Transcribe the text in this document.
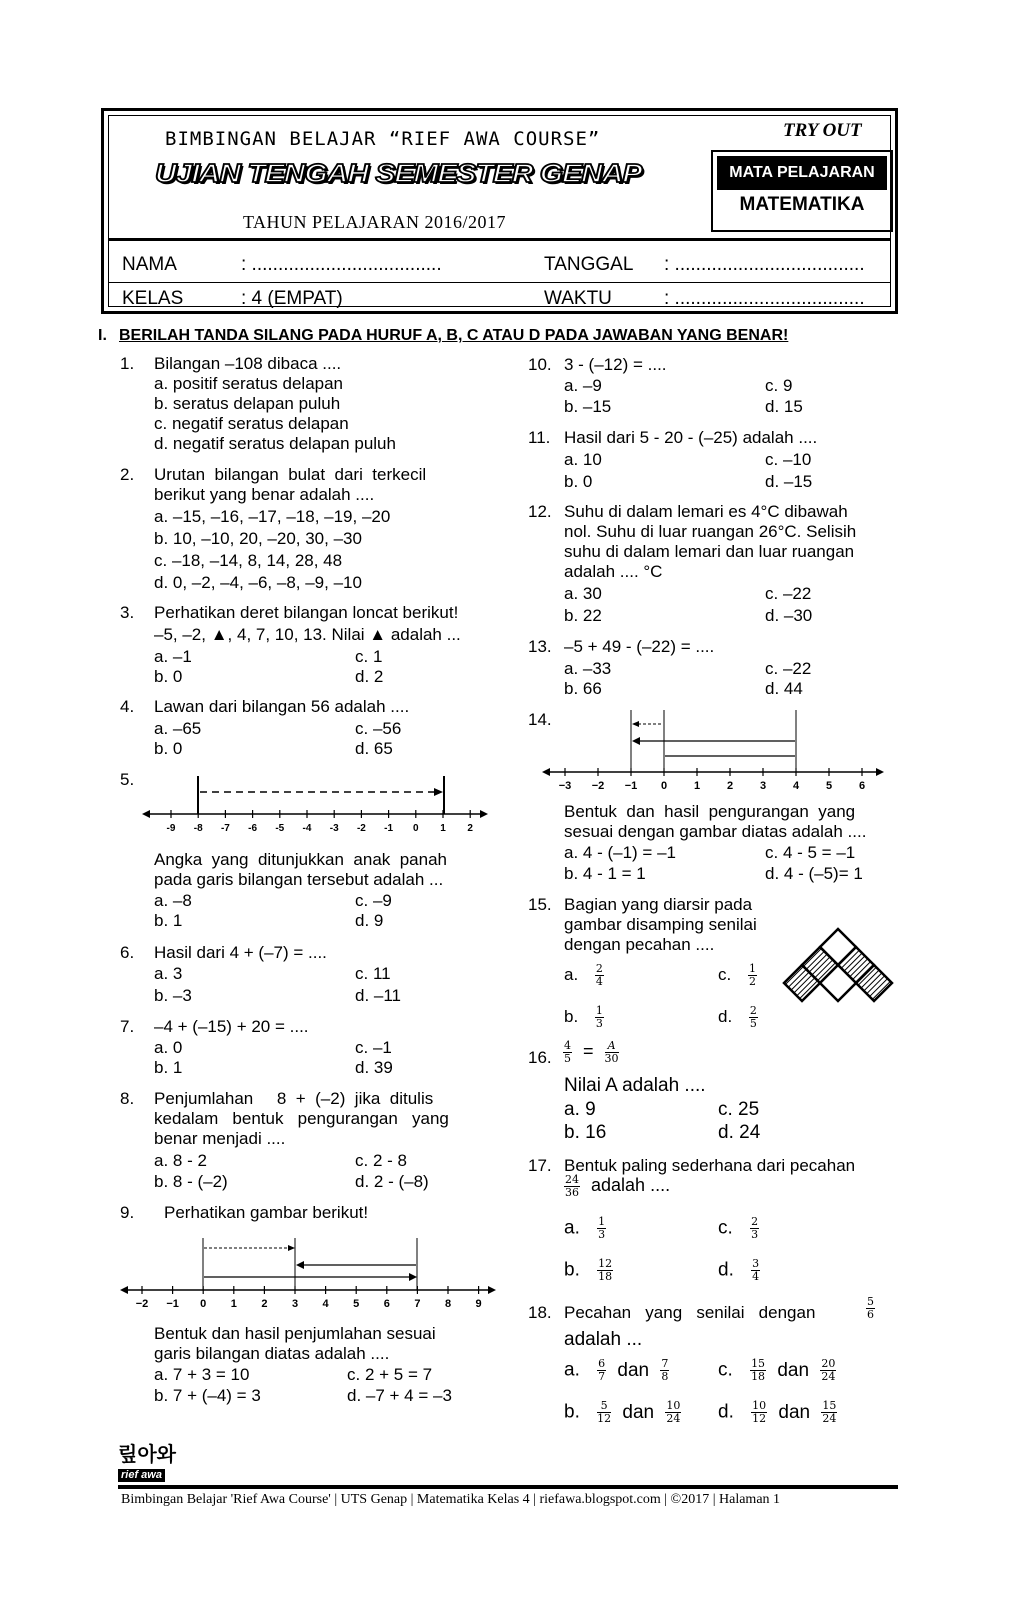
BIMBINGAN BELAJAR “RIEF AWA COURSE”
UJIAN TENGAH SEMESTER GENAP
TAHUN PELAJARAN 2016/2017
TRY OUT
MATA PELAJARAN
MATEMATIKA
NAMA	: ....................................	TANGGAL : ....................................
KELAS	: 4 (EMPAT)	WAKTU	: ....................................
I. BERILAH TANDA SILANG PADA HURUF A, B, C ATAU D PADA JAWABAN YANG BENAR!
1. Bilangan –108 dibaca ....
a. positif seratus delapan
b. seratus delapan puluh
c. negatif seratus delapan
d. negatif seratus delapan puluh
2. Urutan  bilangan  bulat  dari  terkecil
berikut yang benar adalah ....
a. –15, –16, –17, –18, –19, –20
b. 10, –10, 20, –20, 30, –30
c. –18, –14, 8, 14, 28, 48
d. 0, –2, –4, –6, –8, –9, –10
3. Perhatikan deret bilangan loncat berikut!
–5, –2, ▲, 4, 7, 10, 13. Nilai ▲ adalah ...
a. –1
b. 0
c. 1
d. 2
4. Lawan dari bilangan 56 adalah ....
a. –65
b. 0
c. –56
d. 65
5.
-9 -8 -7 -6 -5 -4 -3 -2 -1 0 1 2
Angka  yang  ditunjukkan  anak  panah
pada garis bilangan tersebut adalah ...
a. –8
b. 1
c. –9
d. 9
6. Hasil dari 4 + (–7) = ....
a. 3
b. –3
c. 11
d. –11
7. –4 + (–15) + 20 = ....
a. 0
b. 1
c. –1
d. 39
8. Penjumlahan     8  +  (–2)  jika  ditulis
kedalam   bentuk   pengurangan   yang
benar menjadi ....
a. 8 - 2
b. 8 - (–2)
c. 2 - 8
d. 2 - (–8)
9. Perhatikan gambar berikut!
−2 −1 0 1 2 3 4 5 6 7 8 9
Bentuk dan hasil penjumlahan sesuai
garis bilangan diatas adalah ....
a. 7 + 3 = 10
b. 7 + (–4) = 3
c. 2 + 5 = 7
d. –7 + 4 = –3
10. 3 - (–12) = ....
a. –9
b. –15
c. 9
d. 15
11. Hasil dari 5 - 20 - (–25) adalah ....
a. 10
b. 0
c. –10
d. –15
12. Suhu di dalam lemari es 4°C dibawah
nol. Suhu di luar ruangan 26°C. Selisih
suhu di dalam lemari dan luar ruangan
adalah .... °C
a. 30
b. 22
c. –22
d. –30
13. –5 + 49 - (–22) = ....
a. –33
b. 66
c. –22
d. 44
14.
−3 −2 −1 0 1 2 3 4 5 6
Bentuk  dan  hasil  pengurangan  yang
sesuai dengan gambar diatas adalah ....
a. 4 - (–1) = –1
b. 4 - 1 = 1
c. 4 - 5 = –1
d. 4 - (–5)= 1
15. Bagian yang diarsir pada
gambar disamping senilai
dengan pecahan ....
a. $\frac{2}{4}$
b. $\frac{1}{3}$
c. $\frac{1}{2}$
d. $\frac{2}{5}$
16. $\frac{4}{5} = \frac{A}{30}$
Nilai A adalah ....
a. 9
b. 16
c. 25
d. 24
17. Bentuk paling sederhana dari pecahan
$\frac{24}{36}$ adalah ....
a. $\frac{1}{3}$
b. $\frac{12}{18}$
c. $\frac{2}{3}$
d. $\frac{3}{4}$
18. Pecahan   yang   senilai   dengan	$\frac{5}{6}$
adalah ...
a. $\frac{6}{7}$ dan $\frac{7}{8}$
b. $\frac{5}{12}$ dan $\frac{10}{24}$
c. $\frac{15}{18}$ dan $\frac{20}{24}$
d. $\frac{10}{12}$ dan $\frac{15}{24}$
맆아와
rief awa
Bimbingan Belajar 'Rief Awa Course' | UTS Genap | Matematika Kelas 4 | riefawa.blogspot.com | ©2017 | Halaman 1
